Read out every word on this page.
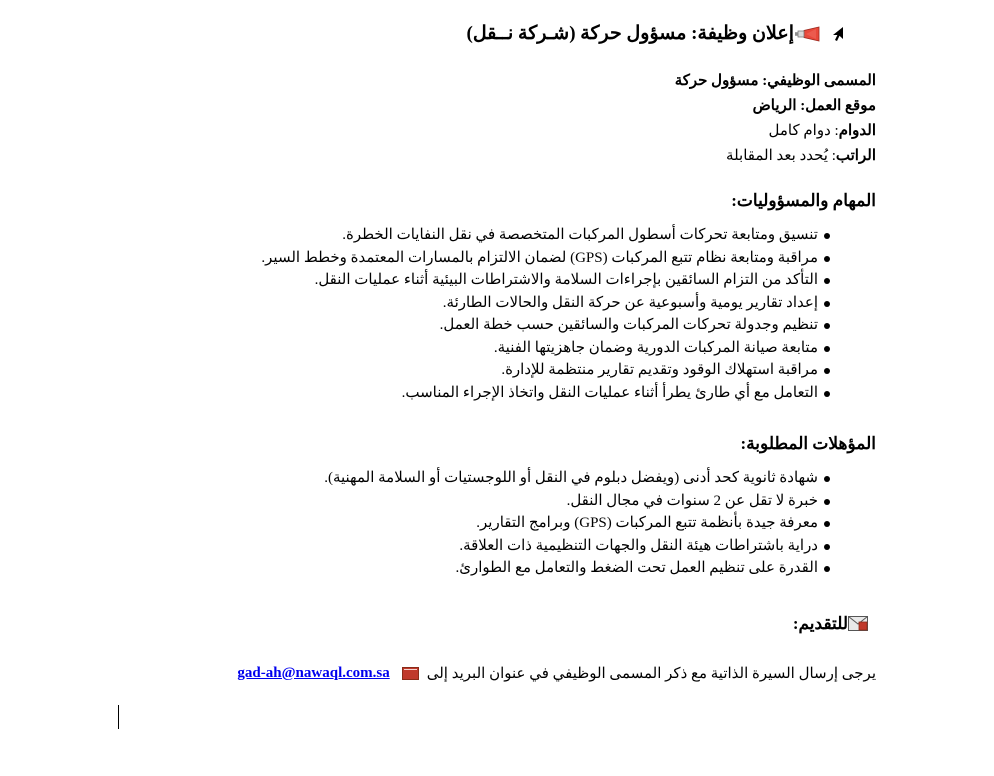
إعلان وظيفة: مسؤول حركة (شـركة نــقل)
المسمى الوظيفي: مسؤول حركة
موقع العمل: الرياض
الدوام: دوام كامل
الراتب: يُحدد بعد المقابلة
المهام والمسؤوليات:
تنسيق ومتابعة تحركات أسطول المركبات المتخصصة في نقل النفايات الخطرة.
مراقبة ومتابعة نظام تتبع المركبات (GPS) لضمان الالتزام بالمسارات المعتمدة وخطط السير.
التأكد من التزام السائقين بإجراءات السلامة والاشتراطات البيئية أثناء عمليات النقل.
إعداد تقارير يومية وأسبوعية عن حركة النقل والحالات الطارئة.
تنظيم وجدولة تحركات المركبات والسائقين حسب خطة العمل.
متابعة صيانة المركبات الدورية وضمان جاهزيتها الفنية.
مراقبة استهلاك الوقود وتقديم تقارير منتظمة للإدارة.
التعامل مع أي طارئ يطرأ أثناء عمليات النقل واتخاذ الإجراء المناسب.
المؤهلات المطلوبة:
شهادة ثانوية كحد أدنى (ويفضل دبلوم في النقل أو اللوجستيات أو السلامة المهنية).
خبرة لا تقل عن 2 سنوات في مجال النقل.
معرفة جيدة بأنظمة تتبع المركبات (GPS) وبرامج التقارير.
دراية باشتراطات هيئة النقل والجهات التنظيمية ذات العلاقة.
القدرة على تنظيم العمل تحت الضغط والتعامل مع الطوارئ.
للتقديم:
يرجى إرسال السيرة الذاتية مع ذكر المسمى الوظيفي في عنوان البريد إلى
gad-ah@nawaql.com.sa
